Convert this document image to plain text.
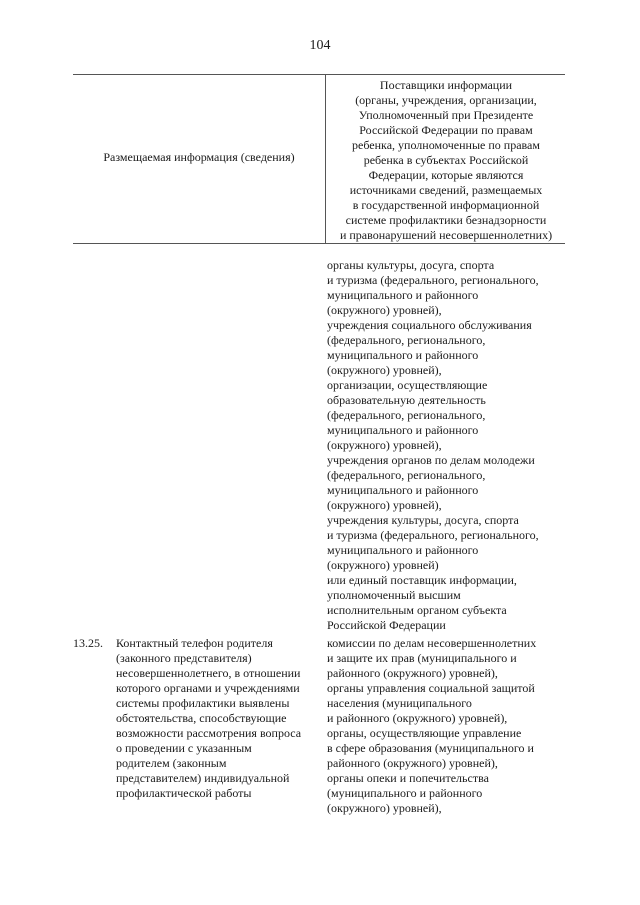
104
Размещаемая информация (сведения)
Поставщики информации
(органы, учреждения, организации,
Уполномоченный при Президенте
Российской Федерации по правам
ребенка, уполномоченные по правам
ребенка в субъектах Российской
Федерации, которые являются
источниками сведений, размещаемых
в государственной информационной
системе профилактики безнадзорности
и правонарушений несовершеннолетних)
органы культуры, досуга, спорта
и туризма (федерального, регионального,
муниципального и районного
(окружного) уровней),
учреждения социального обслуживания
(федерального, регионального,
муниципального и районного
(окружного) уровней),
организации, осуществляющие
образовательную деятельность
(федерального, регионального,
муниципального и районного
(окружного) уровней),
учреждения органов по делам молодежи
(федерального, регионального,
муниципального и районного
(окружного) уровней),
учреждения культуры, досуга, спорта
и туризма (федерального, регионального,
муниципального и районного
(окружного) уровней)
или единый поставщик информации,
уполномоченный высшим
исполнительным органом субъекта
Российской Федерации
13.25. Контактный телефон родителя
(законного представителя)
несовершеннолетнего, в отношении
которого органами и учреждениями
системы профилактики выявлены
обстоятельства, способствующие
возможности рассмотрения вопроса
о проведении с указанным
родителем (законным
представителем) индивидуальной
профилактической работы
комиссии по делам несовершеннолетних
и защите их прав (муниципального и
районного (окружного) уровней),
органы управления социальной защитой
населения (муниципального
и районного (окружного) уровней),
органы, осуществляющие управление
в сфере образования (муниципального и
районного (окружного) уровней),
органы опеки и попечительства
(муниципального и районного
(окружного) уровней),
